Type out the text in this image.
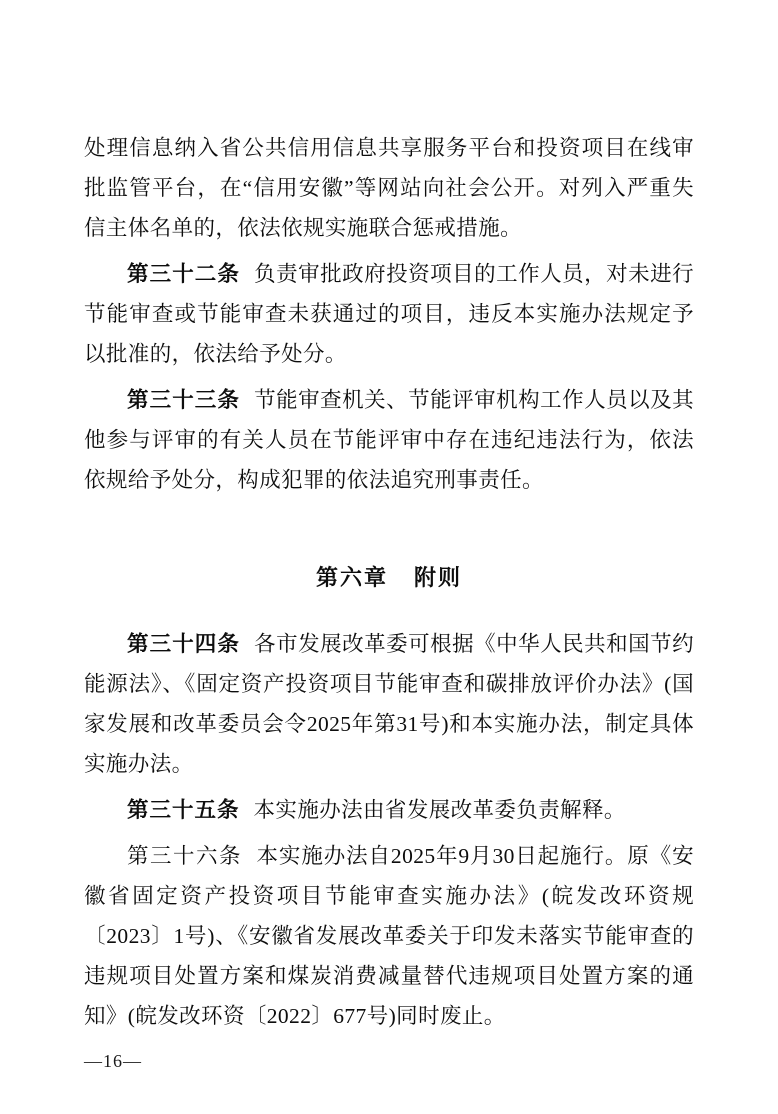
处理信息纳入省公共信用信息共享服务平台和投资项目在线审批监管平台，在“信用安徽”等网站向社会公开。对列入严重失信主体名单的，依法依规实施联合惩戒措施。

第三十二条 负责审批政府投资项目的工作人员，对未进行节能审查或节能审查未获通过的项目，违反本实施办法规定予以批准的，依法给予处分。

第三十三条 节能审查机关、节能评审机构工作人员以及其他参与评审的有关人员在节能评审中存在违纪违法行为，依法依规给予处分，构成犯罪的依法追究刑事责任。

第六章 附则

第三十四条 各市发展改革委可根据《中华人民共和国节约能源法》、《固定资产投资项目节能审查和碳排放评价办法》(国家发展和改革委员会令2025年第31号)和本实施办法，制定具体实施办法。

第三十五条 本实施办法由省发展改革委负责解释。

第三十六条 本实施办法自2025年9月30日起施行。原《安徽省固定资产投资项目节能审查实施办法》(皖发改环资规〔2023〕1号)、《安徽省发展改革委关于印发未落实节能审查的违规项目处置方案和煤炭消费减量替代违规项目处置方案的通知》(皖发改环资〔2022〕677号)同时废止。

—16—
